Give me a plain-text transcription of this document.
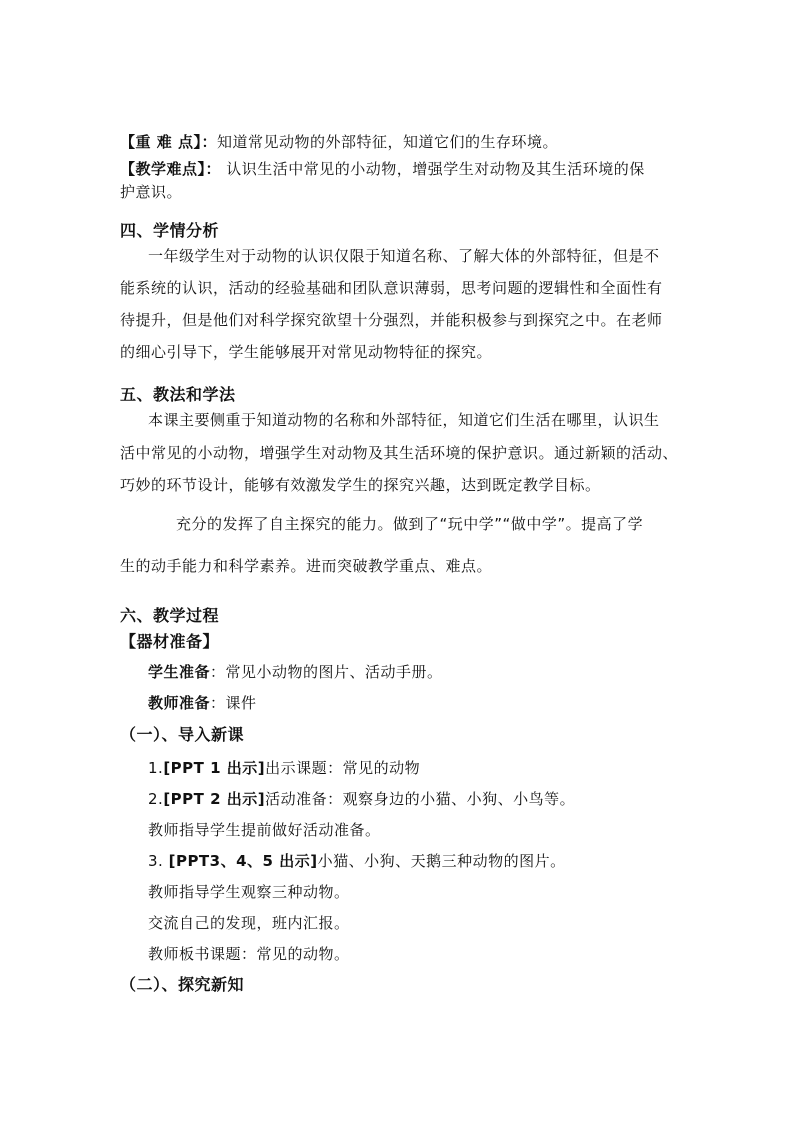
【重 难 点】：知道常见动物的外部特征，知道它们的生存环境。
【教学难点】： 认识生活中常见的小动物，增强学生对动物及其生活环境的保
护意识。
四、学情分析
一年级学生对于动物的认识仅限于知道名称、了解大体的外部特征，但是不
能系统的认识，活动的经验基础和团队意识薄弱，思考问题的逻辑性和全面性有
待提升，但是他们对科学探究欲望十分强烈，并能积极参与到探究之中。在老师
的细心引导下，学生能够展开对常见动物特征的探究。
五、教法和学法
本课主要侧重于知道动物的名称和外部特征，知道它们生活在哪里，认识生
活中常见的小动物，增强学生对动物及其生活环境的保护意识。通过新颖的活动、
巧妙的环节设计，能够有效激发学生的探究兴趣，达到既定教学目标。
充分的发挥了自主探究的能力。做到了“玩中学”“做中学”。提高了学
生的动手能力和科学素养。进而突破教学重点、难点。
六、教学过程
【器材准备】
学生准备：常见小动物的图片、活动手册。
教师准备：课件
（一）、导入新课
1.[PPT 1 出示]出示课题：常见的动物
2.[PPT 2 出示]活动准备：观察身边的小猫、小狗、小鸟等。
教师指导学生提前做好活动准备。
3. [PPT3、4、5 出示]小猫、小狗、天鹅三种动物的图片。
教师指导学生观察三种动物。
交流自己的发现，班内汇报。
教师板书课题：常见的动物。
（二）、探究新知
